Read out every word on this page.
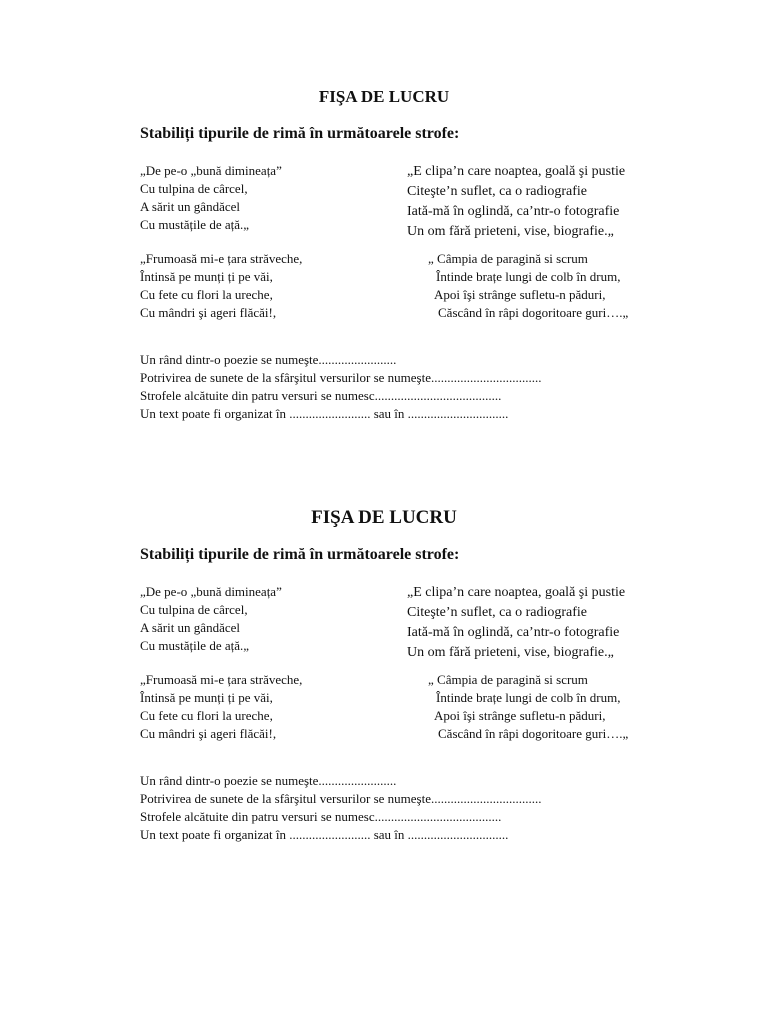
FIŞA DE LUCRU
Stabiliți tipurile de rimă în următoarele strofe:
„De pe-o „bună dimineața”
Cu tulpina de cârcel,
A sărit un gândăcel
Cu mustățile de ață.„
„E clipa’n care noaptea, goală şi pustie
Citeşte’n suflet, ca o radiografie
Iată-mă în oglindă, ca’ntr-o fotografie
Un om fără prieteni, vise, biografie.„
„Frumoasă mi-e țara străveche,
Întinsă pe munți ți pe văi,
Cu fete cu flori la ureche,
Cu mândri şi ageri flăcăi!,
„ Câmpia de paragină si scrum
Întinde brațe lungi de colb în drum,
Apoi îşi strânge sufletu-n păduri,
Căscând în râpi dogoritoare guri….„
Un rând dintr-o poezie se numeşte........................
Potrivirea de sunete de la sfârşitul versurilor se numeşte..................................
Strofele alcătuite din patru versuri se numesc.......................................
Un text poate fi organizat în ......................... sau în ...............................
FIŞA DE LUCRU
Stabiliți tipurile de rimă în următoarele strofe:
„De pe-o „bună dimineața”
Cu tulpina de cârcel,
A sărit un gândăcel
Cu mustățile de ață.„
„E clipa’n care noaptea, goală şi pustie
Citeşte’n suflet, ca o radiografie
Iată-mă în oglindă, ca’ntr-o fotografie
Un om fără prieteni, vise, biografie.„
„Frumoasă mi-e țara străveche,
Întinsă pe munți ți pe văi,
Cu fete cu flori la ureche,
Cu mândri şi ageri flăcăi!,
„ Câmpia de paragină si scrum
Întinde brațe lungi de colb în drum,
Apoi îşi strânge sufletu-n păduri,
Căscând în râpi dogoritoare guri….„
Un rând dintr-o poezie se numeşte........................
Potrivirea de sunete de la sfârşitul versurilor se numeşte..................................
Strofele alcătuite din patru versuri se numesc.......................................
Un text poate fi organizat în ......................... sau în ...............................
